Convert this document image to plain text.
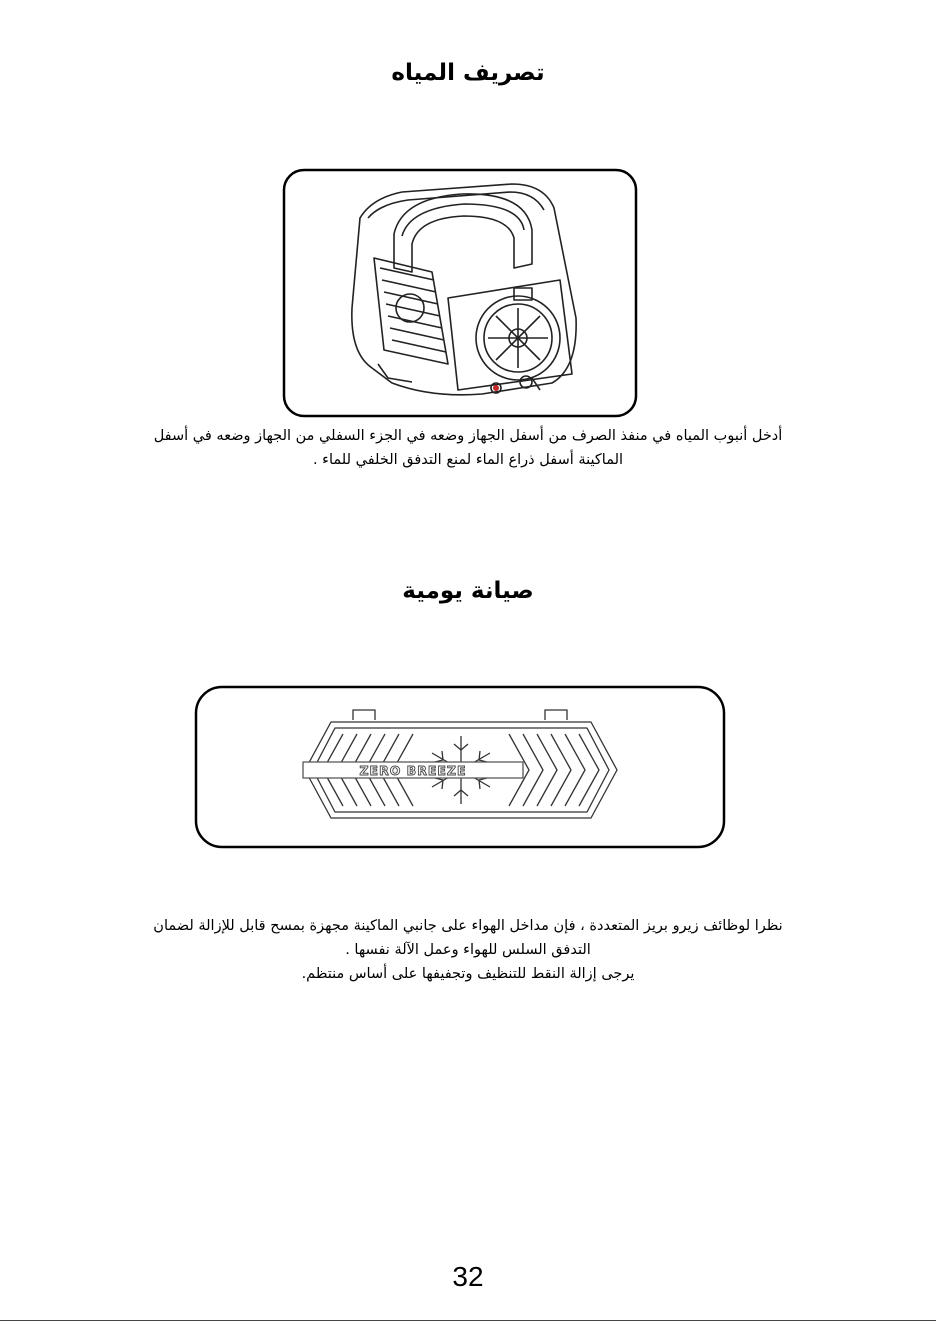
تصريف المياه

أدخل أنبوب المياه في منفذ الصرف من أسفل الجهاز وضعه في الجزء السفلي من الجهاز وضعه في أسفل

الماكينة أسفل ذراع الماء لمنع التدفق الخلفي للماء .

صيانة يومية
ZERO BREEZE

نظرا لوظائف زيرو بريز المتعددة ، فإن مداخل الهواء على جانبي الماكينة مجهزة بمسح قابل للإزالة لضمان

التدفق السلس للهواء وعمل الآلة نفسها .

يرجى إزالة النقط للتنظيف وتجفيفها على أساس منتظم.

32
